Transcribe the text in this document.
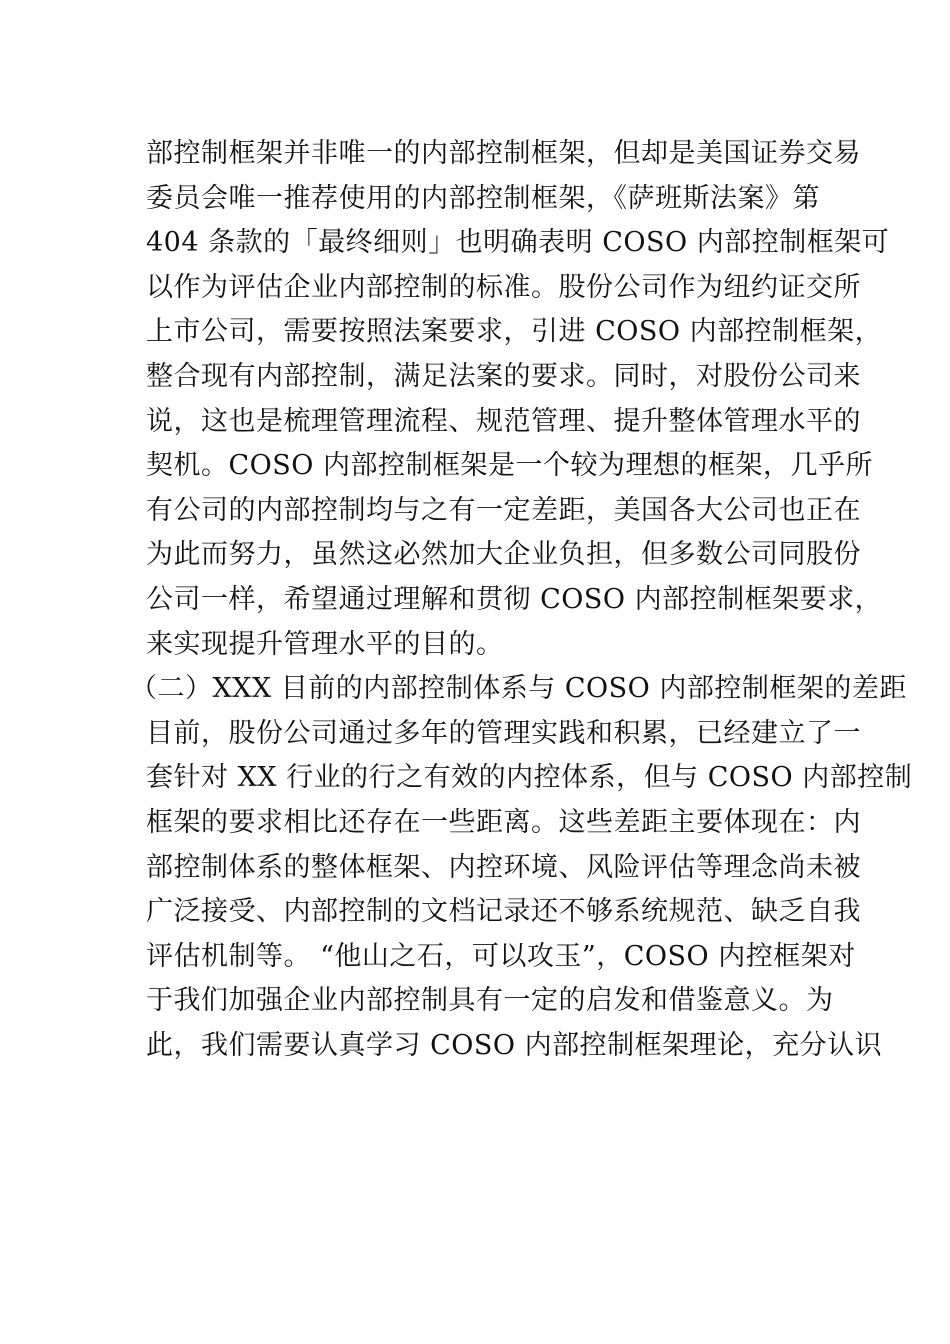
部控制框架并非唯一的内部控制框架，但却是美国证券交易
委员会唯一推荐使用的内部控制框架，《萨班斯法案》第
404 条款的「最终细则」也明确表明 COSO 内部控制框架可
以作为评估企业内部控制的标准。股份公司作为纽约证交所
上市公司，需要按照法案要求，引进 COSO 内部控制框架，
整合现有内部控制，满足法案的要求。同时，对股份公司来
说，这也是梳理管理流程、规范管理、提升整体管理水平的
契机。COSO 内部控制框架是一个较为理想的框架，几乎所
有公司的内部控制均与之有一定差距，美国各大公司也正在
为此而努力，虽然这必然加大企业负担，但多数公司同股份
公司一样，希望通过理解和贯彻 COSO 内部控制框架要求，
来实现提升管理水平的目的。
（二）XXX 目前的内部控制体系与 COSO 内部控制框架的差距
目前，股份公司通过多年的管理实践和积累，已经建立了一
套针对 XX 行业的行之有效的内控体系，但与 COSO 内部控制
框架的要求相比还存在一些距离。这些差距主要体现在：内
部控制体系的整体框架、内控环境、风险评估等理念尚未被
广泛接受、内部控制的文档记录还不够系统规范、缺乏自我
评估机制等。 “他山之石，可以攻玉”，COSO 内控框架对
于我们加强企业内部控制具有一定的启发和借鉴意义。为
此，我们需要认真学习 COSO 内部控制框架理论，充分认识
